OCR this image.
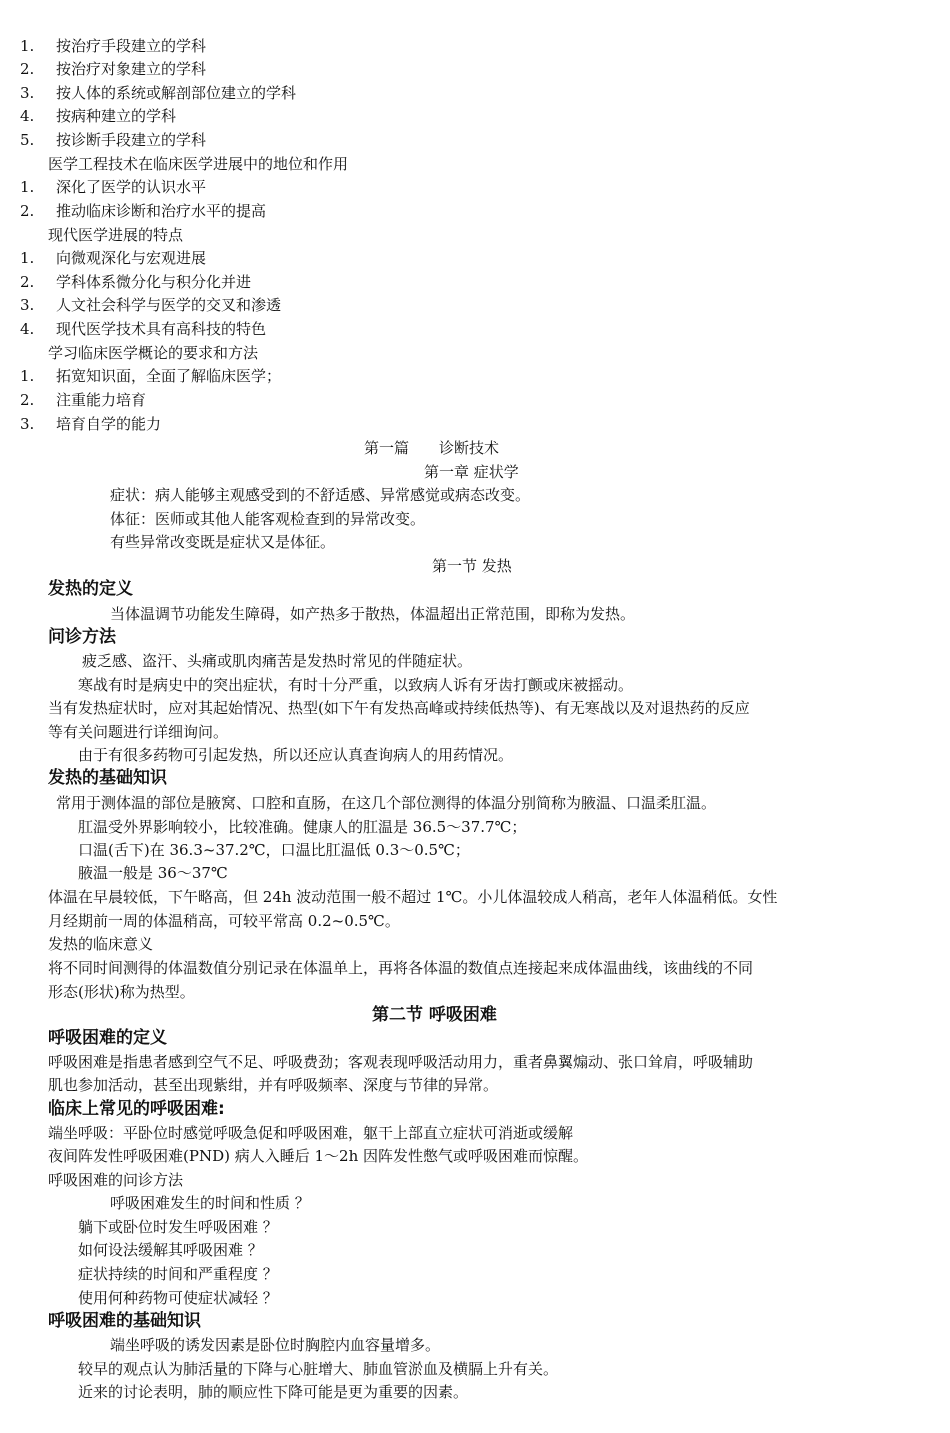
1. 按治疗手段建立的学科
2. 按治疗对象建立的学科
3. 按人体的系统或解剖部位建立的学科
4. 按病种建立的学科
5. 按诊断手段建立的学科
医学工程技术在临床医学进展中的地位和作用
1. 深化了医学的认识水平
2. 推动临床诊断和治疗水平的提高
现代医学进展的特点
1. 向微观深化与宏观进展
2. 学科体系微分化与积分化并进
3. 人文社会科学与医学的交叉和渗透
4. 现代医学技术具有高科技的特色
学习临床医学概论的要求和方法
1. 拓宽知识面，全面了解临床医学；
2. 注重能力培育
3. 培育自学的能力
第一篇　　诊断技术
第一章 症状学
症状：病人能够主观感受到的不舒适感、异常感觉或病态改变。
体征：医师或其他人能客观检查到的异常改变。
有些异常改变既是症状又是体征。
第一节 发热
发热的定义
当体温调节功能发生障碍，如产热多于散热，体温超出正常范围，即称为发热。
问诊方法
疲乏感、盗汗、头痛或肌肉痛苦是发热时常见的伴随症状。
寒战有时是病史中的突出症状，有时十分严重，以致病人诉有牙齿打颤或床被摇动。
当有发热症状时，应对其起始情况、热型(如下午有发热高峰或持续低热等)、有无寒战以及对退热药的反应
等有关问题进行详细询问。
由于有很多药物可引起发热，所以还应认真查询病人的用药情况。
发热的基础知识
常用于测体温的部位是腋窝、口腔和直肠，在这几个部位测得的体温分别简称为腋温、口温柔肛温。
肛温受外界影响较小，比较准确。健康人的肛温是 36.5～37.7℃；
口温(舌下)在 36.3~37.2℃，口温比肛温低 0.3～0.5℃；
腋温一般是 36～37℃
体温在早晨较低，下午略高，但 24h 波动范围一般不超过 1℃。小儿体温较成人稍高，老年人体温稍低。女性
月经期前一周的体温稍高，可较平常高 0.2~0.5℃。
发热的临床意义
将不同时间测得的体温数值分别记录在体温单上，再将各体温的数值点连接起来成体温曲线，该曲线的不同
形态(形状)称为热型。
第二节 呼吸困难
呼吸困难的定义
呼吸困难是指患者感到空气不足、呼吸费劲；客观表现呼吸活动用力，重者鼻翼煽动、张口耸肩，呼吸辅助
肌也参加活动，甚至出现紫绀，并有呼吸频率、深度与节律的异常。
临床上常见的呼吸困难:
端坐呼吸：平卧位时感觉呼吸急促和呼吸困难，躯干上部直立症状可消逝或缓解
夜间阵发性呼吸困难(PND) 病人入睡后 1～2h 因阵发性憋气或呼吸困难而惊醒。
呼吸困难的问诊方法
呼吸困难发生的时间和性质 ？
躺下或卧位时发生呼吸困难 ？
如何设法缓解其呼吸困难 ？
症状持续的时间和严重程度 ？
使用何种药物可使症状减轻 ？
呼吸困难的基础知识
端坐呼吸的诱发因素是卧位时胸腔内血容量增多。
较早的观点认为肺活量的下降与心脏增大、肺血管淤血及横膈上升有关。
近来的讨论表明，肺的顺应性下降可能是更为重要的因素。
